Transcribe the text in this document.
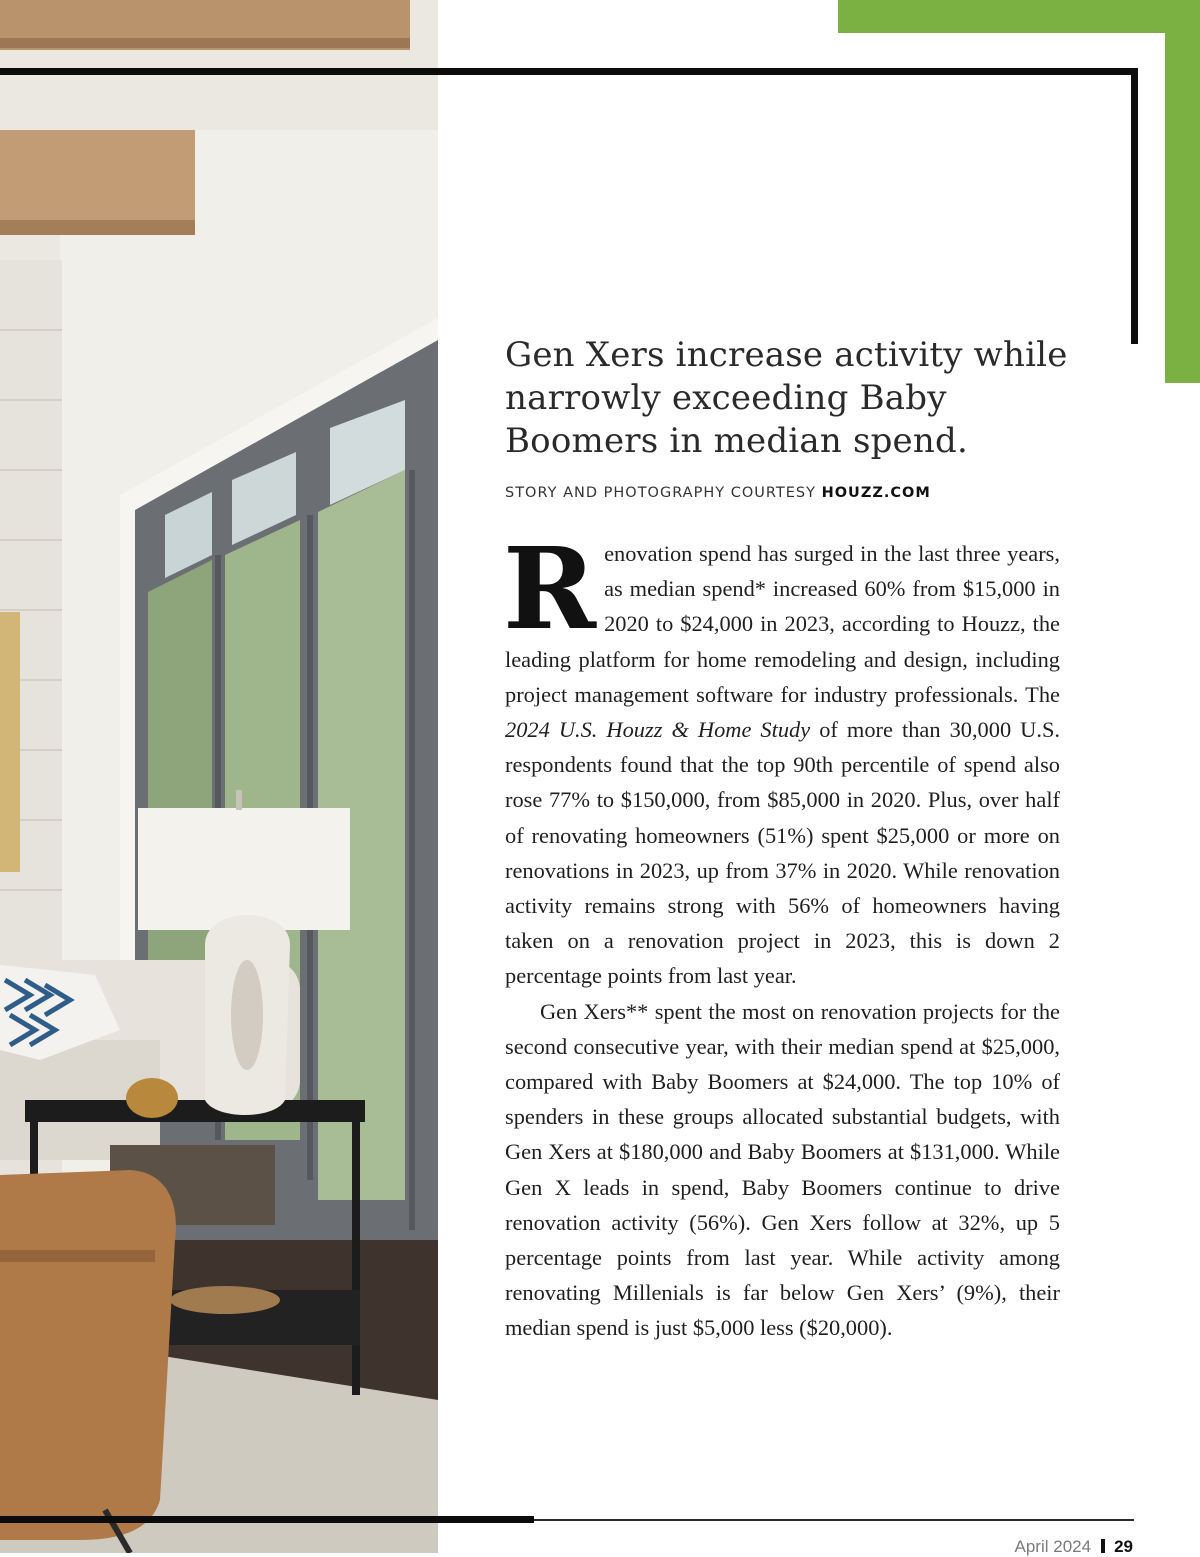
Gen Xers increase activity while narrowly exceeding Baby Boomers in median spend.

STORY AND PHOTOGRAPHY COURTESY HOUZZ.COM

Renovation spend has surged in the last three years, as median spend* increased 60% from $15,000 in 2020 to $24,000 in 2023, according to Houzz, the leading platform for home remodeling and design, including project management software for industry professionals. The 2024 U.S. Houzz & Home Study of more than 30,000 U.S. respondents found that the top 90th percentile of spend also rose 77% to $150,000, from $85,000 in 2020. Plus, over half of renovating homeowners (51%) spent $25,000 or more on renovations in 2023, up from 37% in 2020. While renovation activity remains strong with 56% of homeowners having taken on a renovation project in 2023, this is down 2 percentage points from last year.

Gen Xers** spent the most on renovation projects for the second consecutive year, with their median spend at $25,000, compared with Baby Boomers at $24,000. The top 10% of spenders in these groups allocated substantial budgets, with Gen Xers at $180,000 and Baby Boomers at $131,000. While Gen X leads in spend, Baby Boomers continue to drive renovation activity (56%). Gen Xers follow at 32%, up 5 percentage points from last year. While activity among renovating Millenials is far below Gen Xers’ (9%), their median spend is just $5,000 less ($20,000).

April 2024 29
